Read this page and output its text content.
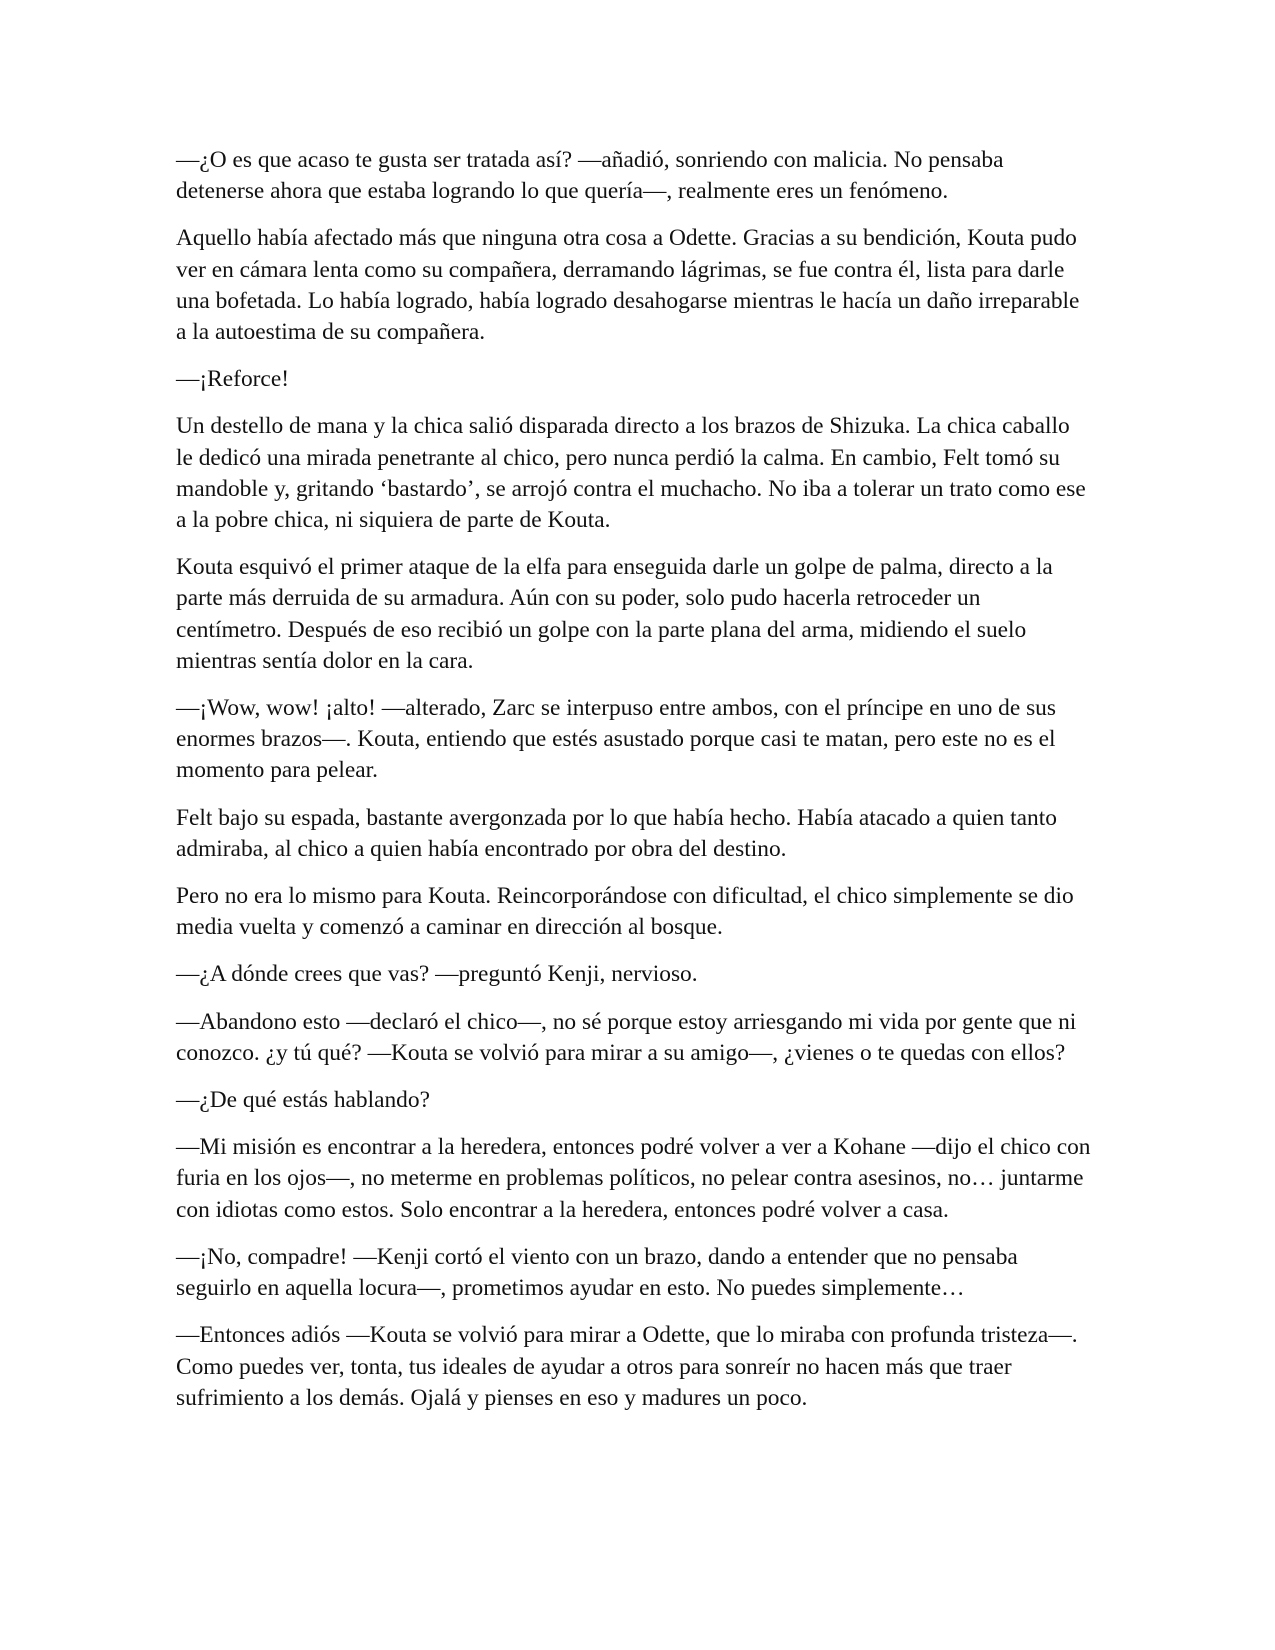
—¿O es que acaso te gusta ser tratada así? —añadió, sonriendo con malicia. No pensaba detenerse ahora que estaba logrando lo que quería—, realmente eres un fenómeno.

Aquello había afectado más que ninguna otra cosa a Odette. Gracias a su bendición, Kouta pudo ver en cámara lenta como su compañera, derramando lágrimas, se fue contra él, lista para darle una bofetada. Lo había logrado, había logrado desahogarse mientras le hacía un daño irreparable a la autoestima de su compañera.

—¡Reforce!

Un destello de mana y la chica salió disparada directo a los brazos de Shizuka. La chica caballo le dedicó una mirada penetrante al chico, pero nunca perdió la calma. En cambio, Felt tomó su mandoble y, gritando ‘bastardo’, se arrojó contra el muchacho. No iba a tolerar un trato como ese a la pobre chica, ni siquiera de parte de Kouta.

Kouta esquivó el primer ataque de la elfa para enseguida darle un golpe de palma, directo a la parte más derruida de su armadura. Aún con su poder, solo pudo hacerla retroceder un centímetro. Después de eso recibió un golpe con la parte plana del arma, midiendo el suelo mientras sentía dolor en la cara.

—¡Wow, wow! ¡alto! —alterado, Zarc se interpuso entre ambos, con el príncipe en uno de sus enormes brazos—. Kouta, entiendo que estés asustado porque casi te matan, pero este no es el momento para pelear.

Felt bajo su espada, bastante avergonzada por lo que había hecho. Había atacado a quien tanto admiraba, al chico a quien había encontrado por obra del destino.

Pero no era lo mismo para Kouta. Reincorporándose con dificultad, el chico simplemente se dio media vuelta y comenzó a caminar en dirección al bosque.

—¿A dónde crees que vas? —preguntó Kenji, nervioso.

—Abandono esto —declaró el chico—, no sé porque estoy arriesgando mi vida por gente que ni conozco. ¿y tú qué? —Kouta se volvió para mirar a su amigo—, ¿vienes o te quedas con ellos?

—¿De qué estás hablando?

—Mi misión es encontrar a la heredera, entonces podré volver a ver a Kohane —dijo el chico con furia en los ojos—, no meterme en problemas políticos, no pelear contra asesinos, no… juntarme con idiotas como estos. Solo encontrar a la heredera, entonces podré volver a casa.

—¡No, compadre! —Kenji cortó el viento con un brazo, dando a entender que no pensaba seguirlo en aquella locura—, prometimos ayudar en esto. No puedes simplemente…

—Entonces adiós —Kouta se volvió para mirar a Odette, que lo miraba con profunda tristeza—. Como puedes ver, tonta, tus ideales de ayudar a otros para sonreír no hacen más que traer sufrimiento a los demás. Ojalá y pienses en eso y madures un poco.
